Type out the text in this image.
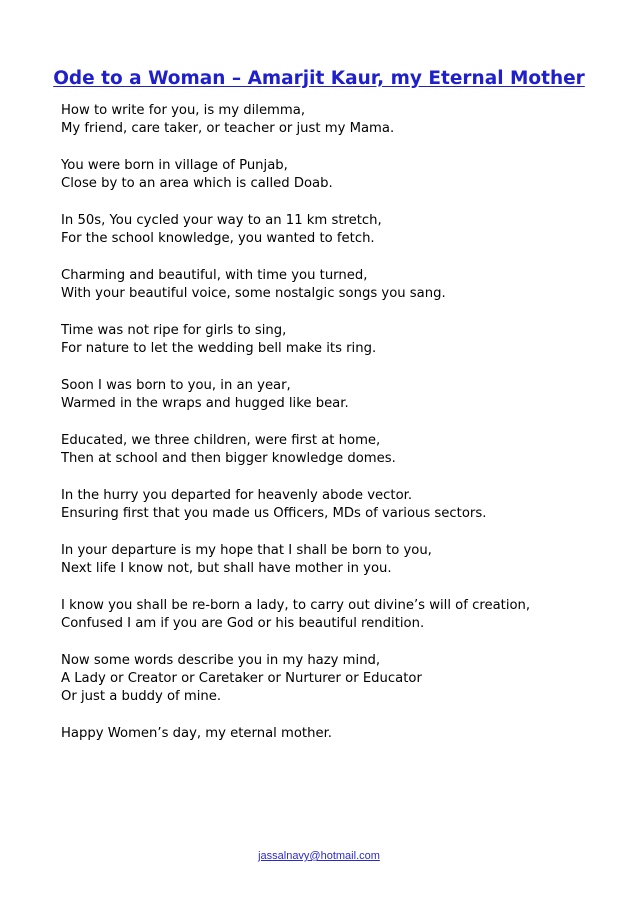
Ode to a Woman – Amarjit Kaur, my Eternal Mother
How to write for you, is my dilemma,
My friend, care taker, or teacher or just my Mama.
You were born in village of Punjab,
Close by to an area which is called Doab.
In 50s, You cycled your way to an 11 km stretch,
For the school knowledge, you wanted to fetch.
Charming and beautiful, with time you turned,
With your beautiful voice, some nostalgic songs you sang.
Time was not ripe for girls to sing,
For nature to let the wedding bell make its ring.
Soon I was born to you, in an year,
Warmed in the wraps and hugged like bear.
Educated, we three children, were first at home,
Then at school and then bigger knowledge domes.
In the hurry you departed for heavenly abode vector.
Ensuring first that you made us Officers, MDs of various sectors.
In your departure is my hope that I shall be born to you,
Next life I know not, but shall have mother in you.
I know you shall be re-born a lady, to carry out divine’s will of creation,
Confused I am if you are God or his beautiful rendition.
Now some words describe you in my hazy mind,
A Lady or Creator or Caretaker or Nurturer or Educator
Or just a buddy of mine.
Happy Women’s day, my eternal mother.
jassalnavy@hotmail.com
